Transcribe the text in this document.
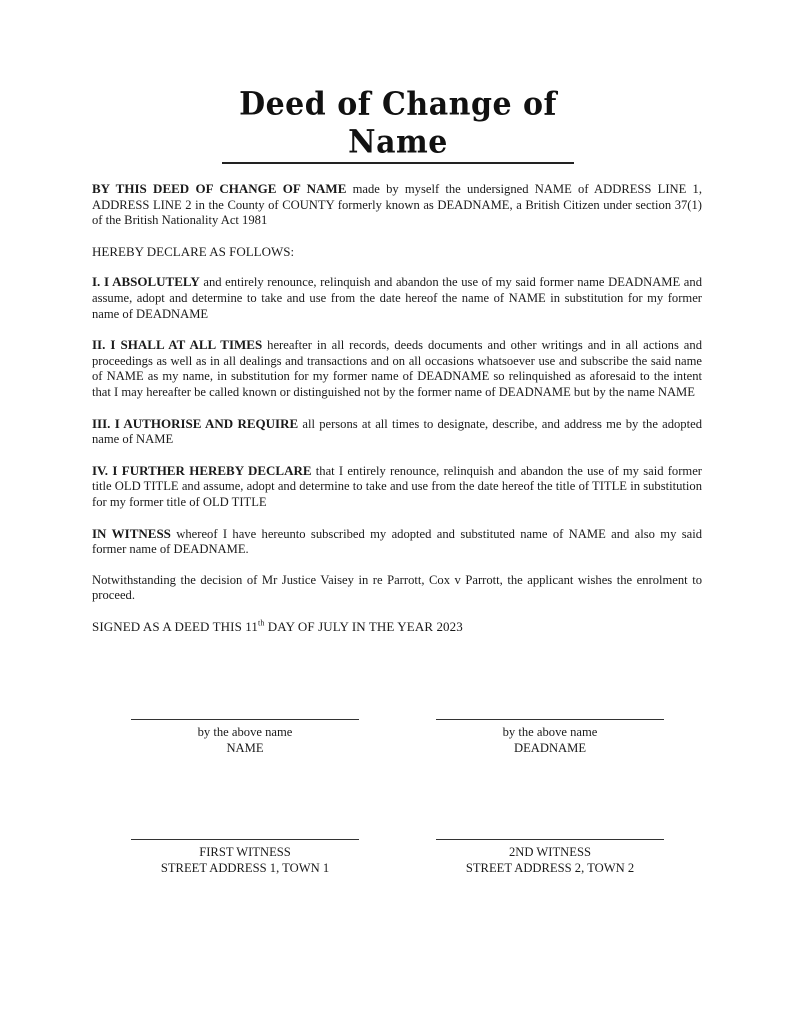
Deed of Change of Name

BY THIS DEED OF CHANGE OF NAME made by myself the undersigned NAME of ADDRESS LINE 1, ADDRESS LINE 2 in the County of COUNTY formerly known as DEADNAME, a British Citizen under section 37(1) of the British Nationality Act 1981

HEREBY DECLARE AS FOLLOWS:

I. I ABSOLUTELY and entirely renounce, relinquish and abandon the use of my said former name DEADNAME and assume, adopt and determine to take and use from the date hereof the name of NAME in substitution for my former name of DEADNAME

II. I SHALL AT ALL TIMES hereafter in all records, deeds documents and other writings and in all actions and proceedings as well as in all dealings and transactions and on all occasions whatsoever use and subscribe the said name of NAME as my name, in substitution for my former name of DEADNAME so relinquished as aforesaid to the intent that I may hereafter be called known or distinguished not by the former name of DEADNAME but by the name NAME

III. I AUTHORISE AND REQUIRE all persons at all times to designate, describe, and address me by the adopted name of NAME

IV. I FURTHER HEREBY DECLARE that I entirely renounce, relinquish and abandon the use of my said former title OLD TITLE and assume, adopt and determine to take and use from the date hereof the title of TITLE in substitution for my former title of OLD TITLE

IN WITNESS whereof I have hereunto subscribed my adopted and substituted name of NAME and also my said former name of DEADNAME.

Notwithstanding the decision of Mr Justice Vaisey in re Parrott, Cox v Parrott, the applicant wishes the enrolment to proceed.

SIGNED AS A DEED THIS 11th DAY OF JULY IN THE YEAR 2023

by the above name
NAME
by the above name
DEADNAME
FIRST WITNESS
STREET ADDRESS 1, TOWN 1
2ND WITNESS
STREET ADDRESS 2, TOWN 2
